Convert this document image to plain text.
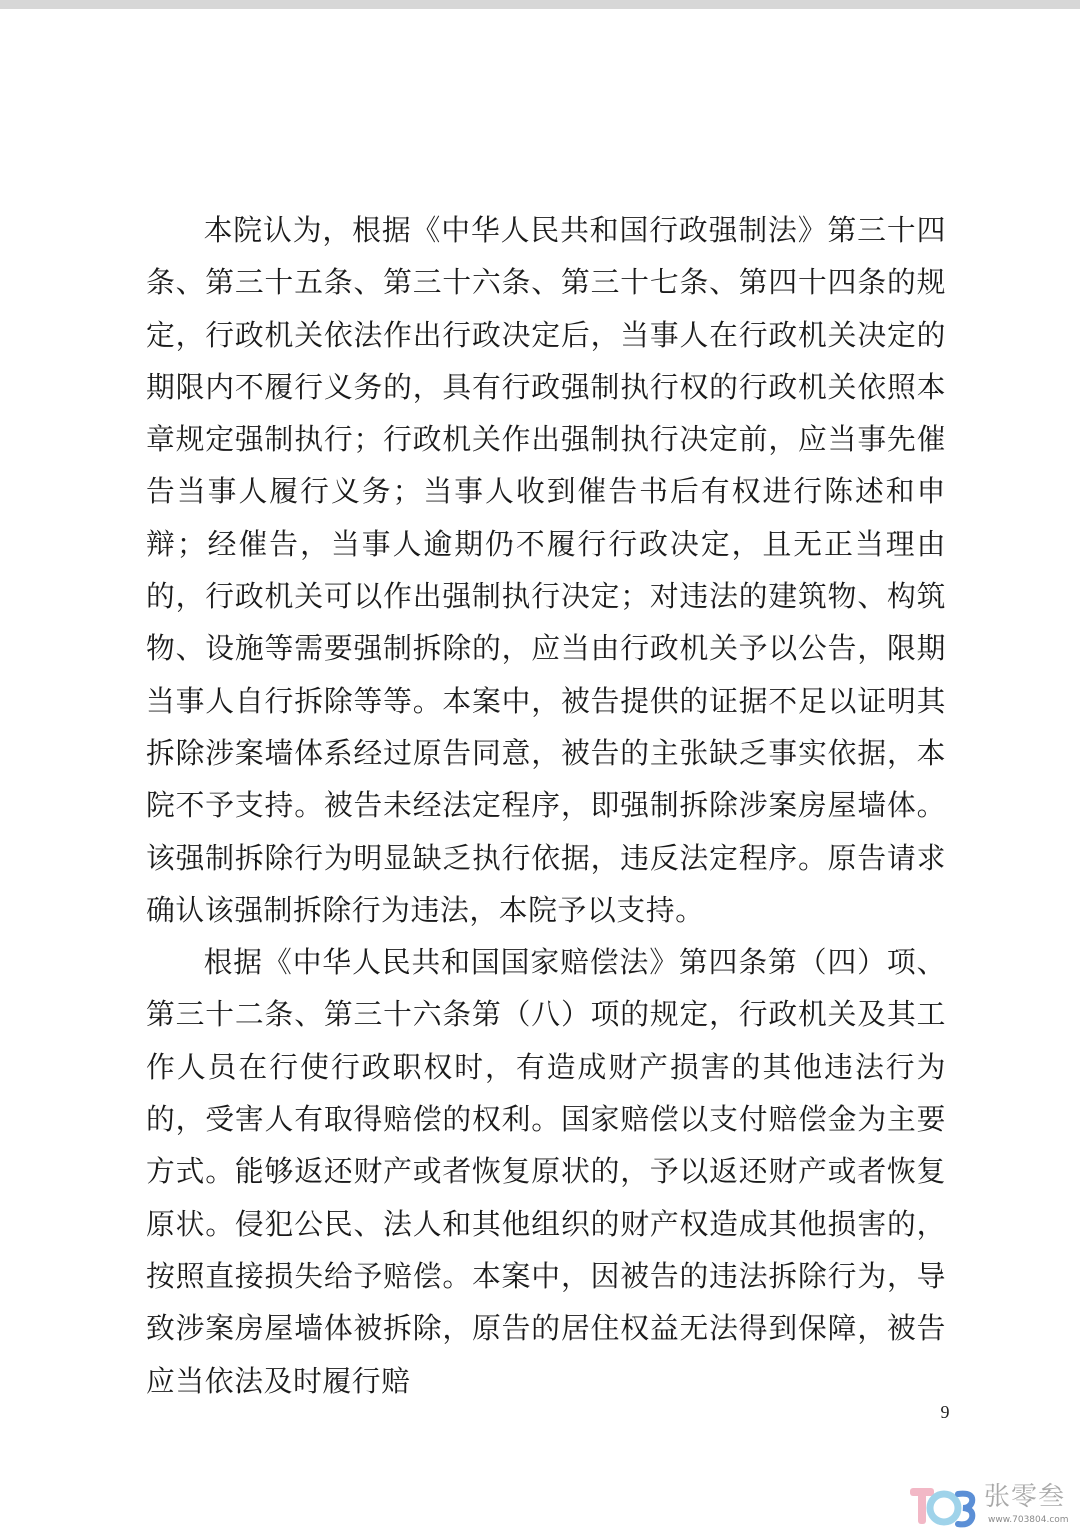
本院认为，根据《中华人民共和国行政强制法》第三十四条、第三十五条、第三十六条、第三十七条、第四十四条的规定，行政机关依法作出行政决定后，当事人在行政机关决定的期限内不履行义务的，具有行政强制执行权的行政机关依照本章规定强制执行；行政机关作出强制执行决定前，应当事先催告当事人履行义务；当事人收到催告书后有权进行陈述和申辩；经催告，当事人逾期仍不履行行政决定，且无正当理由的，行政机关可以作出强制执行决定；对违法的建筑物、构筑物、设施等需要强制拆除的，应当由行政机关予以公告，限期当事人自行拆除等等。本案中，被告提供的证据不足以证明其拆除涉案墙体系经过原告同意，被告的主张缺乏事实依据，本院不予支持。被告未经法定程序，即强制拆除涉案房屋墙体。该强制拆除行为明显缺乏执行依据，违反法定程序。原告请求确认该强制拆除行为违法，本院予以支持。

根据《中华人民共和国国家赔偿法》第四条第（四）项、第三十二条、第三十六条第（八）项的规定，行政机关及其工作人员在行使行政职权时，有造成财产损害的其他违法行为的，受害人有取得赔偿的权利。国家赔偿以支付赔偿金为主要方式。能够返还财产或者恢复原状的，予以返还财产或者恢复原状。侵犯公民、法人和其他组织的财产权造成其他损害的，按照直接损失给予赔偿。本案中，因被告的违法拆除行为，导致涉案房屋墙体被拆除，原告的居住权益无法得到保障，被告应当依法及时履行赔

9
张零叁
www.703804.com
